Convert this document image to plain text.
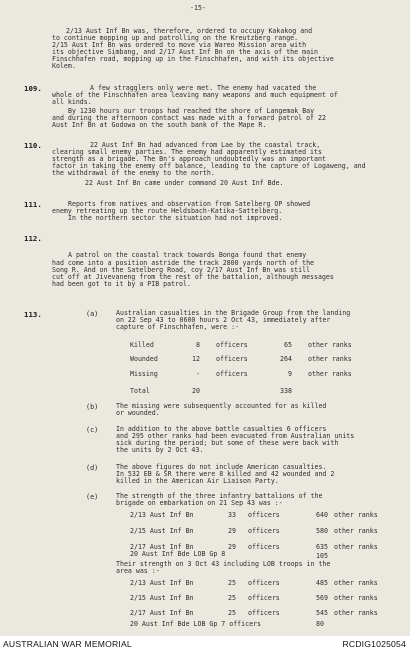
-15-
2/13 Aust Inf Bn was, therefore, ordered to occupy Kakakog and
to continue mopping up and patrolling on the Kreutzberg range.
2/15 Aust Inf Bn was ordered to move via Wareo Mission area with
its objective Simbang, and 2/17 Aust Inf Bn on the axis of the main
Finschhafen road, mopping up in the Finschhafen, and with its objective
Kolem.
109.	A few stragglers only were met. The enemy had vacated the
whole of the Finschhafen area leaving many weapons and much equipment of
all kinds.
By 1230 hours our troops had reached the shore of Langemak Bay
and during the afternoon contact was made with a forward patrol of 22
Aust Inf Bn at Godowa on the south bank of the Mape R.
110.	22 Aust Inf Bn had advanced from Lae by the coastal track,
clearing small enemy parties. The enemy had apparently estimated its
strength as a brigade. The Bn's approach undoubtedly was an important
factor in taking the enemy off balance, leading to the capture of Logaweng, and
the withdrawal of the enemy to the north.
22 Aust Inf Bn came under command 20 Aust Inf Bde.
111.	Reports from natives and observation from Satelberg OP showed
enemy retreating up the route Heldsbach-Katika-Sattelberg.
In the northern sector the situation had not improved.
112.
A patrol on the coastal track towards Bonga found that enemy
had come into a position astride the track 2800 yards north of the
Song R. And on the Satelberg Road, coy 2/17 Aust Inf Bn was still
cut off at Jivevaneng from the rest of the battalion, although messages
had been got to it by a PIB patrol.
113.	(a)	Australian casualties in the Brigade Group from the landing
on 22 Sep 43 to 0600 hours 2 Oct 43, immediately after
capture of Finschhafen, were :-
Killed	8 officers	65 other ranks
Wounded	12 officers	264 other ranks
Missing	- officers	9 other ranks
Total	20	338
(b)	The missing were subsequently accounted for as killed
or wounded.
(c)	In addition to the above battle casualties 6 officers
and 295 other ranks had been evacuated from Australian units
sick during the period; but some of these were back with
the units by 2 Oct 43.
(d)	The above figures do not include American casualties.
In 532 EB & SR there were 8 killed and 42 wounded and 2
killed in the American Air Liaison Party.
(e)	The strength of the three infantry battalions of the
brigade on embarkation on 21 Sep 43 was :-
2/13 Aust Inf Bn	33 officers	640 other ranks
2/15 Aust Inf Bn	29 officers	580 other ranks
2/17 Aust Inf Bn	29 officers	635 other ranks
20 Aust Inf Bde LOB Gp 8	105
Their strength on 3 Oct 43 including LOB troops in the
area was :-
2/13 Aust Inf Bn	25 officers	485 other ranks
2/15 Aust Inf Bn	25 officers	569 other ranks
2/17 Aust Inf Bn	25 officers	545 other ranks
20 Aust Inf Bde LOB Gp 7 officers	80
AUSTRALIAN WAR MEMORIAL	RCDIG1025054
